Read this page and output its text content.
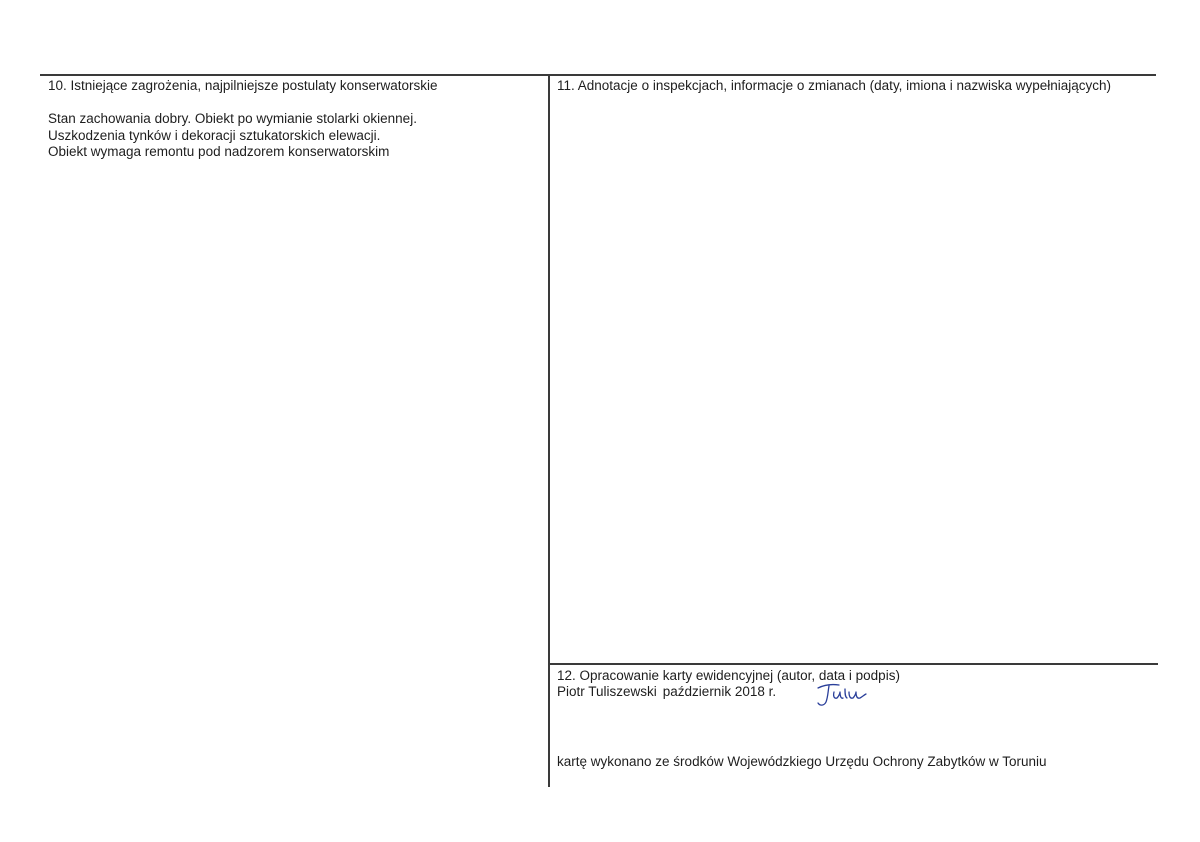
10. Istniejące zagrożenia, najpilniejsze postulaty konserwatorskie
Stan zachowania dobry. Obiekt po wymianie stolarki okiennej.
Uszkodzenia tynków i dekoracji sztukatorskich elewacji.
Obiekt wymaga remontu pod nadzorem konserwatorskim
11. Adnotacje o inspekcjach, informacje o zmianach (daty, imiona i nazwiska wypełniających)
12. Opracowanie karty ewidencyjnej (autor, data i podpis)
Piotr Tuliszewski październik 2018 r.
kartę wykonano ze środków Wojewódzkiego Urzędu Ochrony Zabytków w Toruniu
